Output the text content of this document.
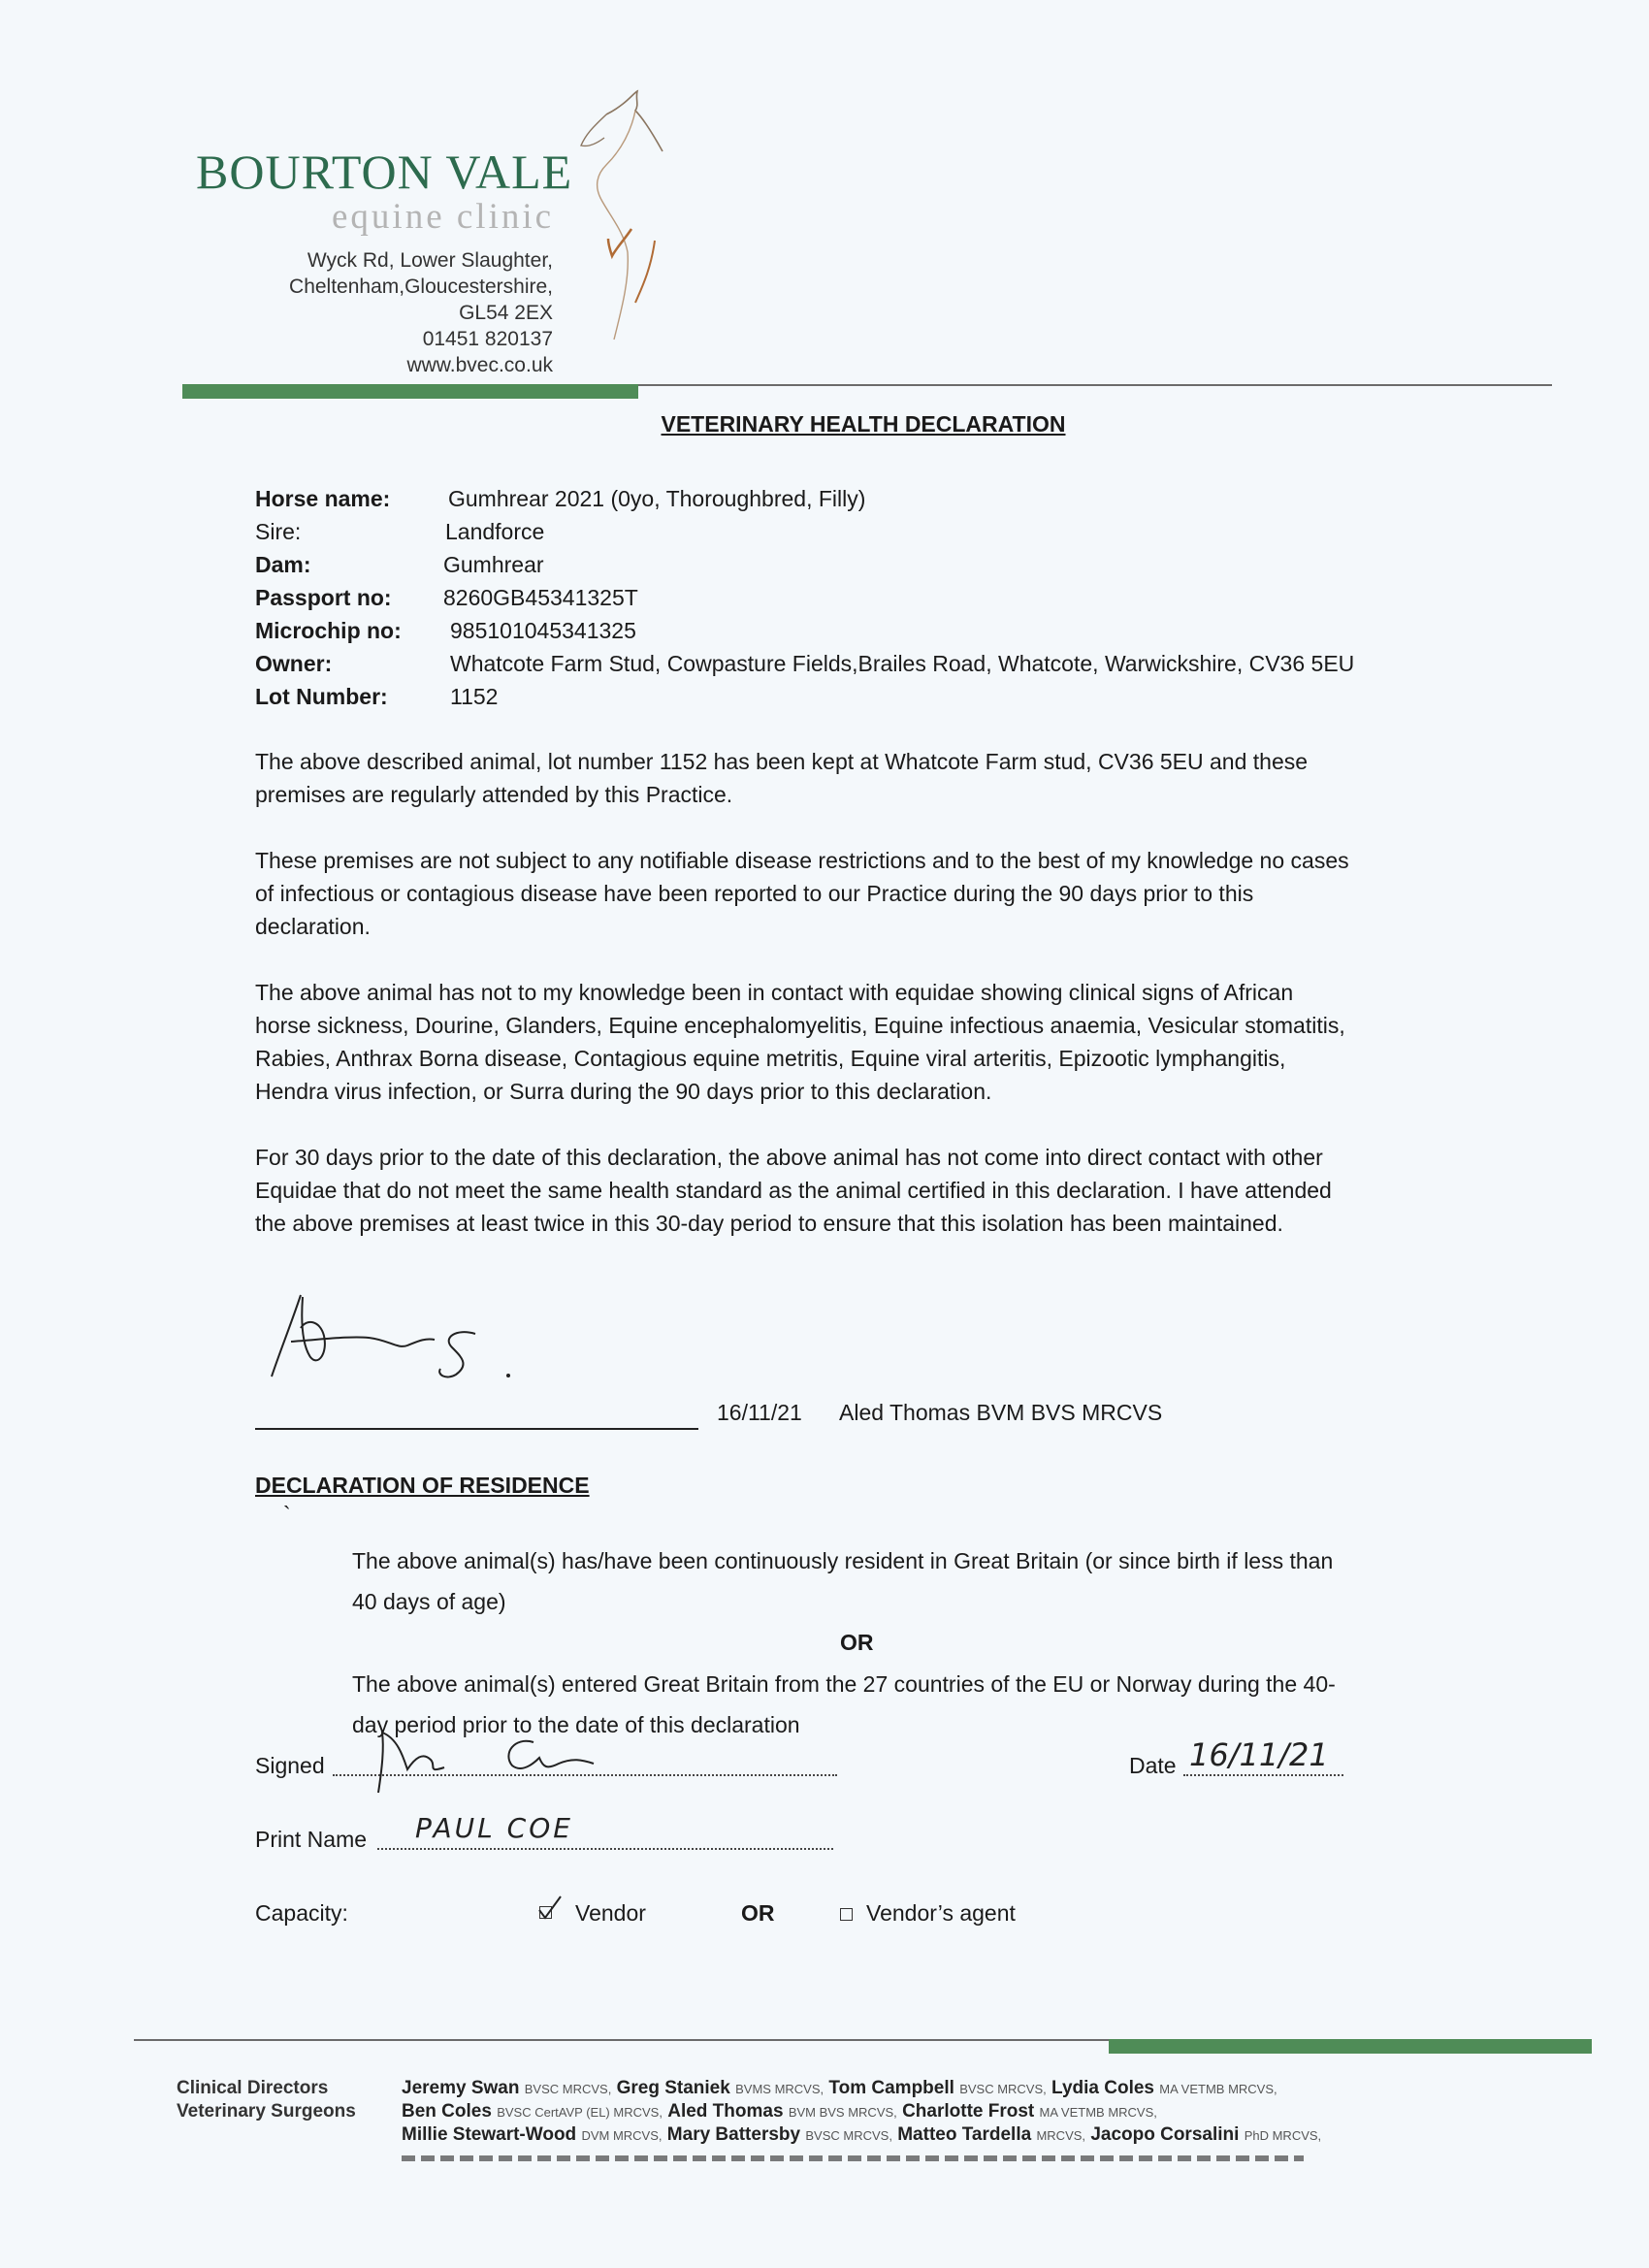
BOURTON VALE
equine clinic
Wyck Rd, Lower Slaughter,
Cheltenham,Gloucestershire,
GL54 2EX
01451 820137
www.bvec.co.uk
VETERINARY HEALTH DECLARATION
Horse name:	Gumhrear 2021 (0yo, Thoroughbred, Filly)
Sire:	Landforce
Dam:	Gumhrear
Passport no: 8260GB45341325T
Microchip no: 985101045341325
Owner:	Whatcote Farm Stud, Cowpasture Fields,Brailes Road, Whatcote, Warwickshire, CV36 5EU
Lot Number:	1152
The above described animal, lot number 1152 has been kept at Whatcote Farm stud, CV36 5EU and these
premises are regularly attended by this Practice.
These premises are not subject to any notifiable disease restrictions and to the best of my knowledge no cases
of infectious or contagious disease have been reported to our Practice during the 90 days prior to this
declaration.
The above animal has not to my knowledge been in contact with equidae showing clinical signs of African
horse sickness, Dourine, Glanders, Equine encephalomyelitis, Equine infectious anaemia, Vesicular stomatitis,
Rabies, Anthrax Borna disease, Contagious equine metritis, Equine viral arteritis, Epizootic lymphangitis,
Hendra virus infection, or Surra during the 90 days prior to this declaration.
For 30 days prior to the date of this declaration, the above animal has not come into direct contact with other
Equidae that do not meet the same health standard as the animal certified in this declaration. I have attended
the above premises at least twice in this 30-day period to ensure that this isolation has been maintained.
16/11/21 Aled Thomas BVM BVS MRCVS
DECLARATION OF RESIDENCE
`
The above animal(s) has/have been continuously resident in Great Britain (or since birth if less than
40 days of age)
OR
The above animal(s) entered Great Britain from the 27 countries of the EU or Norway during the 40-
day period prior to the date of this declaration
Signed	Date 16/11/21
Print Name PAUL COE
Capacity:	Vendor	OR	Vendor’s agent
Clinical Directors
Veterinary Surgeons
Jeremy Swan BVSC MRCVS, Greg Staniek BVMS MRCVS, Tom Campbell BVSC MRCVS, Lydia Coles MA VETMB MRCVS,
Ben Coles BVSC CertAVP (EL) MRCVS, Aled Thomas BVM BVS MRCVS, Charlotte Frost MA VETMB MRCVS,
Millie Stewart-Wood DVM MRCVS, Mary Battersby BVSC MRCVS, Matteo Tardella MRCVS, Jacopo Corsalini PhD MRCVS,
